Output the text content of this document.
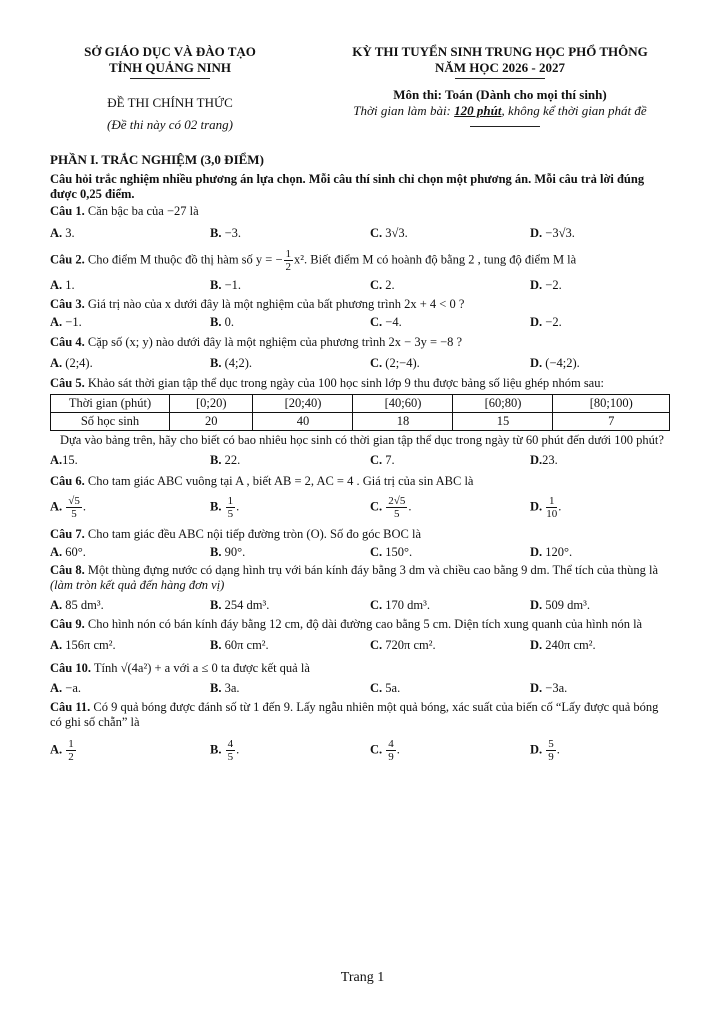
SỞ GIÁO DỤC VÀ ĐÀO TẠO
TỈNH QUẢNG NINH
ĐỀ THI CHÍNH THỨC
(Đề thi này có 02 trang)
KỲ THI TUYỂN SINH TRUNG HỌC PHỔ THÔNG
NĂM HỌC 2026 - 2027
Môn thi: Toán (Dành cho mọi thí sinh)
Thời gian làm bài: 120 phút, không kể thời gian phát đề
PHẦN I. TRẮC NGHIỆM (3,0 ĐIỂM)
Câu hỏi trắc nghiệm nhiều phương án lựa chọn. Mỗi câu thí sinh chỉ chọn một phương án. Mỗi câu trả lời đúng được 0,25 điểm.
Câu 1. Căn bậc ba của −27 là
A. 3.	B. −3.	C. 3√3.	D. −3√3.
Câu 2. Cho điểm M thuộc đồ thị hàm số y = − $\frac{1}{2} x^2$. Biết điểm M có hoành độ bằng 2 , tung độ điểm M là
A. 1.	B. −1.	C. 2.	D. −2.
Câu 3. Giá trị nào của x dưới đây là một nghiệm của bất phương trình 2x + 4 < 0 ?
A. −1.	B. 0.	C. −4.	D. −2.
Câu 4. Cặp số (x; y) nào dưới đây là một nghiệm của phương trình 2x − 3y = −8 ?
A. (2;4).	B. (4;2).	C. (2;−4).	D. (−4;2).
Câu 5. Khảo sát thời gian tập thể dục trong ngày của 100 học sinh lớp 9 thu được bảng số liệu ghép nhóm sau:
Thời gian (phút)	[0;20)	[20;40)	[40;60)	[60;80)	[80;100)
Số học sinh	20	40	18	15	7
Dựa vào bảng trên, hãy cho biết có bao nhiêu học sinh có thời gian tập thể dục trong ngày từ 60 phút đến dưới 100 phút?
A.15.	B. 22.	C. 7.	D.23.
Câu 6. Cho tam giác ABC vuông tại A , biết AB = 2, AC = 4 . Giá trị của sin ABC là
A. $\frac{√5}{5}$ .	B. $\frac{1}{5}$ .	C. $\frac{2√5}{5}$ .	D. $\frac{1}{10}$ .
Câu 7. Cho tam giác đều ABC nội tiếp đường tròn (O). Số đo góc BOC là
A. 60°.	B. 90°.	C. 150°.	D. 120°.
Câu 8. Một thùng đựng nước có dạng hình trụ với bán kính đáy bằng 3 dm và chiều cao bằng 9 dm. Thể tích của thùng là (làm tròn kết quả đến hàng đơn vị)
A. 85 dm³.	B. 254 dm³.	C. 170 dm³.	D. 509 dm³.
Câu 9. Cho hình nón có bán kính đáy bằng 12 cm, độ dài đường cao bằng 5 cm. Diện tích xung quanh của hình nón là
A. 156π cm².	B. 60π cm².	C. 720π cm².	D. 240π cm².
Câu 10. Tính √(4a²) + a với a ≤ 0 ta được kết quả là
A. −a.	B. 3a.	C. 5a.	D. −3a.
Câu 11. Có 9 quả bóng được đánh số từ 1 đến 9. Lấy ngẫu nhiên một quả bóng, xác suất của biến cố “Lấy được quả bóng có ghi số chẵn” là
A. $\frac{1}{2}$	B. $\frac{4}{5}$ .	C. $\frac{4}{9}$ .	D. $\frac{5}{9}$ .
Trang 1
